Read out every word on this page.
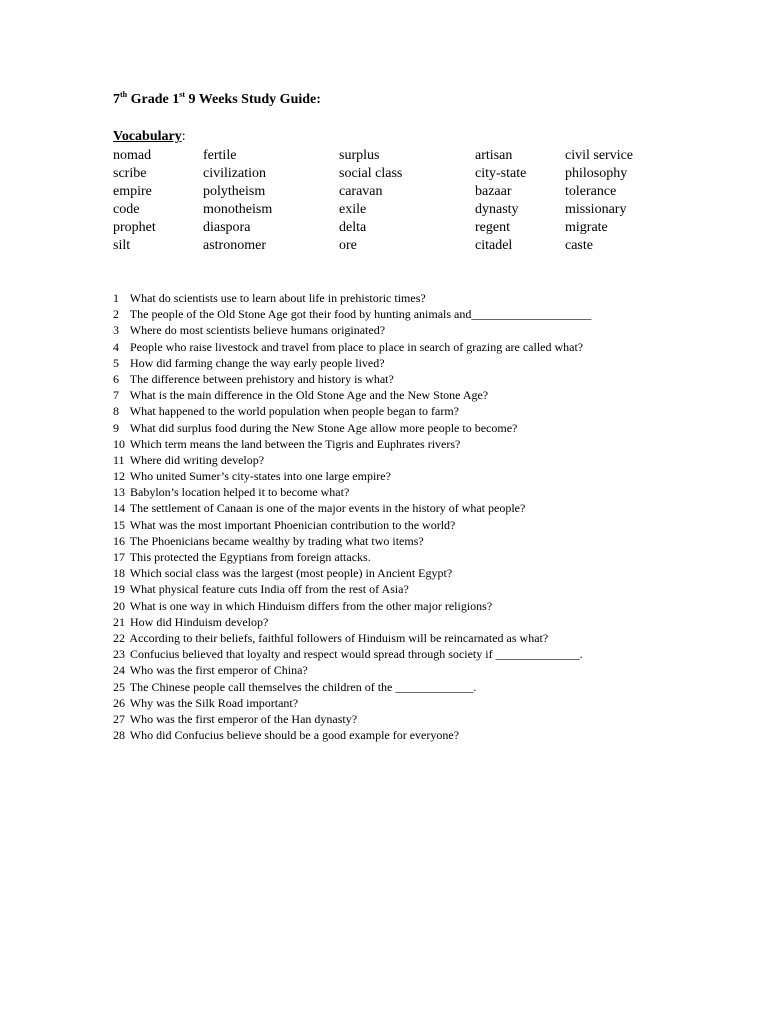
7th Grade 1st 9 Weeks Study Guide:
Vocabulary:
nomad	fertile	surplus	artisan	civil service
scribe	civilization	social class	city-state	philosophy
empire	polytheism	caravan	bazaar	tolerance
code	monotheism	exile	dynasty	missionary
prophet	diaspora	delta	regent	migrate
silt	astronomer	ore	citadel	caste
1 What do scientists use to learn about life in prehistoric times?
2 The people of the Old Stone Age got their food by hunting animals and____________________
3 Where do most scientists believe humans originated?
4 People who raise livestock and travel from place to place in search of grazing are called what?
5 How did farming change the way early people lived?
6 The difference between prehistory and history is what?
7 What is the main difference in the Old Stone Age and the New Stone Age?
8 What happened to the world population when people began to farm?
9 What did surplus food during the New Stone Age allow more people to become?
10 Which term means the land between the Tigris and Euphrates rivers?
11 Where did writing develop?
12 Who united Sumer’s city-states into one large empire?
13 Babylon’s location helped it to become what?
14 The settlement of Canaan is one of the major events in the history of what people?
15 What was the most important Phoenician contribution to the world?
16 The Phoenicians became wealthy by trading what two items?
17 This protected the Egyptians from foreign attacks.
18 Which social class was the largest (most people) in Ancient Egypt?
19 What physical feature cuts India off from the rest of Asia?
20 What is one way in which Hinduism differs from the other major religions?
21 How did Hinduism develop?
22 According to their beliefs, faithful followers of Hinduism will be reincarnated as what?
23 Confucius believed that loyalty and respect would spread through society if ______________.
24 Who was the first emperor of China?
25 The Chinese people call themselves the children of the _____________.
26 Why was the Silk Road important?
27 Who was the first emperor of the Han dynasty?
28 Who did Confucius believe should be a good example for everyone?
